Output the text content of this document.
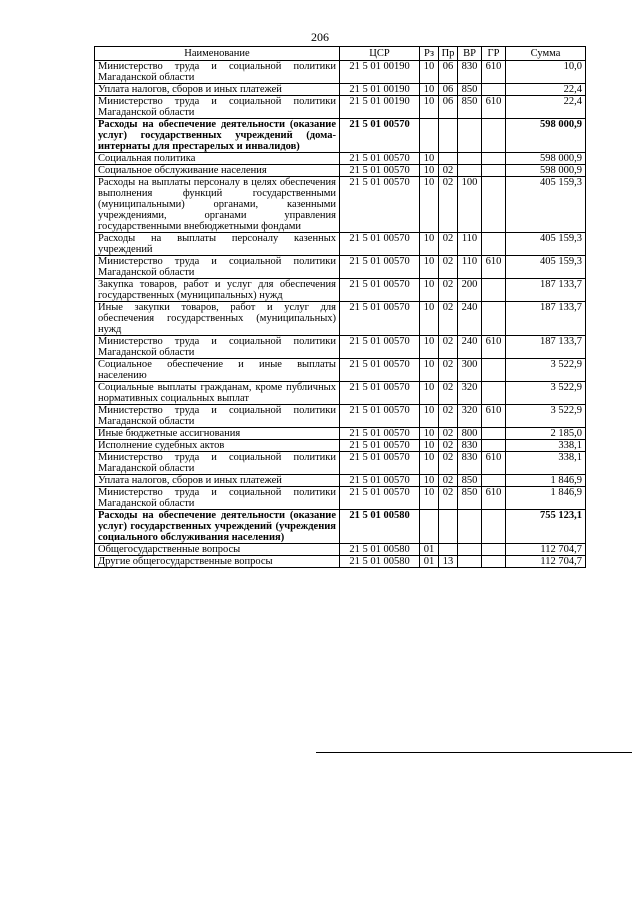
206
Наименование	ЦСР	Рз	Пр	ВР	ГР	Сумма
Министерство труда и социальной политики Магаданской области	21 5 01 00190	10	06	830	610	10,0
Уплата налогов, сборов и иных платежей	21 5 01 00190	10	06	850		22,4
Министерство труда и социальной политики Магаданской области	21 5 01 00190	10	06	850	610	22,4
Расходы на обеспечение деятельности (оказание услуг) государственных учреждений (дома-интернаты для престарелых и инвалидов)	21 5 01 00570					598 000,9
Социальная политика	21 5 01 00570	10				598 000,9
Социальное обслуживание населения	21 5 01 00570	10	02			598 000,9
Расходы на выплаты персоналу в целях обеспечения выполнения функций государственными (муниципальными) органами, казенными учреждениями, органами управления государственными внебюджетными фондами	21 5 01 00570	10	02	100		405 159,3
Расходы на выплаты персоналу казенных учреждений	21 5 01 00570	10	02	110		405 159,3
Министерство труда и социальной политики Магаданской области	21 5 01 00570	10	02	110	610	405 159,3
Закупка товаров, работ и услуг для обеспечения государственных (муниципальных) нужд	21 5 01 00570	10	02	200		187 133,7
Иные закупки товаров, работ и услуг для обеспечения государственных (муниципальных) нужд	21 5 01 00570	10	02	240		187 133,7
Министерство труда и социальной политики Магаданской области	21 5 01 00570	10	02	240	610	187 133,7
Социальное обеспечение и иные выплаты населению	21 5 01 00570	10	02	300		3 522,9
Социальные выплаты гражданам, кроме публичных нормативных социальных выплат	21 5 01 00570	10	02	320		3 522,9
Министерство труда и социальной политики Магаданской области	21 5 01 00570	10	02	320	610	3 522,9
Иные бюджетные ассигнования	21 5 01 00570	10	02	800		2 185,0
Исполнение судебных актов	21 5 01 00570	10	02	830		338,1
Министерство труда и социальной политики Магаданской области	21 5 01 00570	10	02	830	610	338,1
Уплата налогов, сборов и иных платежей	21 5 01 00570	10	02	850		1 846,9
Министерство труда и социальной политики Магаданской области	21 5 01 00570	10	02	850	610	1 846,9
Расходы на обеспечение деятельности (оказание услуг) государственных учреждений (учреждения социального обслуживания населения)	21 5 01 00580					755 123,1
Общегосударственные вопросы	21 5 01 00580	01				112 704,7
Другие общегосударственные вопросы	21 5 01 00580	01	13			112 704,7
